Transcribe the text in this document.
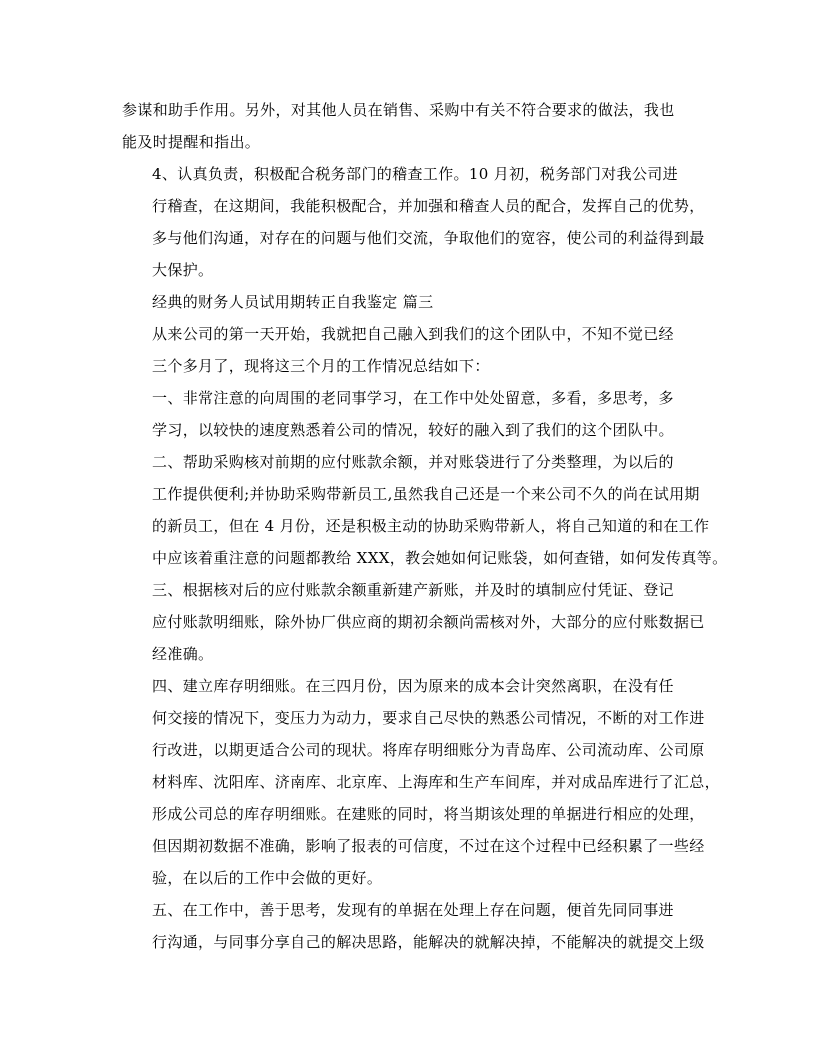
参谋和助手作用。另外，对其他人员在销售、采购中有关不符合要求的做法，我也
能及时提醒和指出。

4、认真负责，积极配合税务部门的稽查工作。10 月初，税务部门对我公司进
行稽查，在这期间，我能积极配合，并加强和稽查人员的配合，发挥自己的优势，
多与他们沟通，对存在的问题与他们交流，争取他们的宽容，使公司的利益得到最
大保护。

经典的财务人员试用期转正自我鉴定 篇三

从来公司的第一天开始，我就把自己融入到我们的这个团队中，不知不觉已经
三个多月了，现将这三个月的工作情况总结如下：

一、非常注意的向周围的老同事学习，在工作中处处留意，多看，多思考，多
学习，以较快的速度熟悉着公司的情况，较好的融入到了我们的这个团队中。

二、帮助采购核对前期的应付账款余额，并对账袋进行了分类整理，为以后的
工作提供便利;并协助采购带新员工,虽然我自己还是一个来公司不久的尚在试用期
的新员工，但在 4 月份，还是积极主动的协助采购带新人，将自己知道的和在工作
中应该着重注意的问题都教给 XXX，教会她如何记账袋，如何查错，如何发传真等。

三、根据核对后的应付账款余额重新建产新账，并及时的填制应付凭证、登记
应付账款明细账，除外协厂供应商的期初余额尚需核对外，大部分的应付账数据已
经准确。

四、建立库存明细账。在三四月份，因为原来的成本会计突然离职，在没有任
何交接的情况下，变压力为动力，要求自己尽快的熟悉公司情况，不断的对工作进
行改进，以期更适合公司的现状。将库存明细账分为青岛库、公司流动库、公司原
材料库、沈阳库、济南库、北京库、上海库和生产车间库，并对成品库进行了汇总，
形成公司总的库存明细账。在建账的同时，将当期该处理的单据进行相应的处理，
但因期初数据不准确，影响了报表的可信度，不过在这个过程中已经积累了一些经
验，在以后的工作中会做的更好。

五、在工作中，善于思考，发现有的单据在处理上存在问题，便首先同同事进
行沟通，与同事分享自己的解决思路，能解决的就解决掉，不能解决的就提交上级
